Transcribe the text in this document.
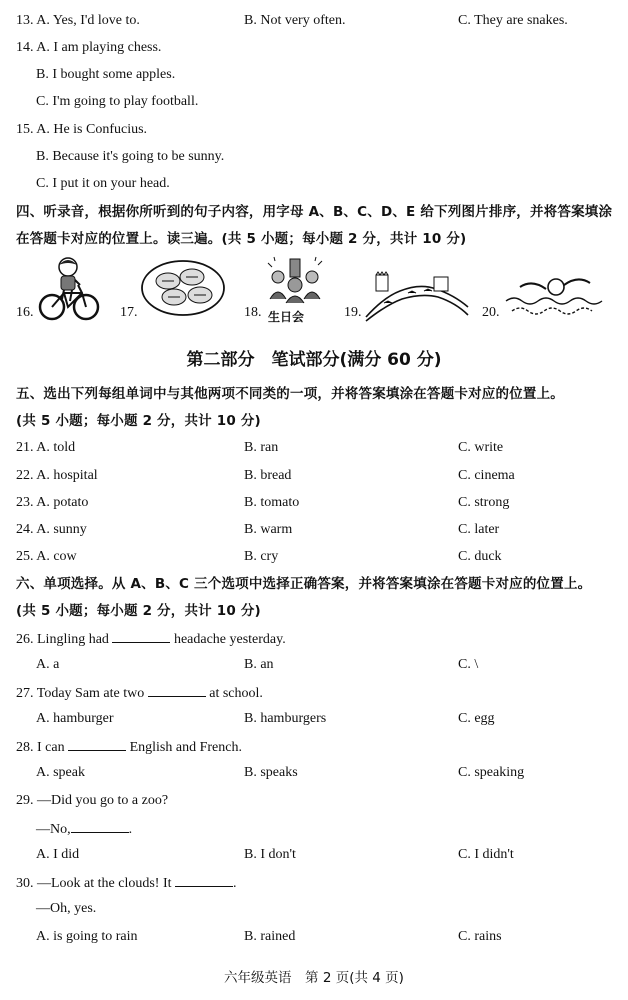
13. A. Yes, I'd love to.	B. Not very often.	C. They are snakes.
14. A. I am playing chess.
B. I bought some apples.
C. I'm going to play football.
15. A. He is Confucius.
B. Because it's going to be sunny.
C. I put it on your head.
四、听录音，根据你所听到的句子内容，用字母 A、B、C、D、E 给下列图片排序，并将答案填涂
在答题卡对应的位置上。读三遍。(共 5 小题；每小题 2 分，共计 10 分)
16.	17.	18. 生日会	19.	20.
第二部分　笔试部分(满分 60 分)
五、选出下列每组单词中与其他两项不同类的一项，并将答案填涂在答题卡对应的位置上。
(共 5 小题；每小题 2 分，共计 10 分)
21. A. told	B. ran	C. write
22. A. hospital	B. bread	C. cinema
23. A. potato	B. tomato	C. strong
24. A. sunny	B. warm	C. later
25. A. cow	B. cry	C. duck
六、单项选择。从 A、B、C 三个选项中选择正确答案，并将答案填涂在答题卡对应的位置上。
(共 5 小题；每小题 2 分，共计 10 分)
26. Lingling had	headache yesterday.
A. a	B. an	C. \
27. Today Sam ate two	at school.
A. hamburger	B. hamburgers	C. egg
28. I can	English and French.
A. speak	B. speaks	C. speaking
29. —Did you go to a zoo?
—No,	.
A. I did	B. I don't	C. I didn't
30. —Look at the clouds! It	.
—Oh, yes.
A. is going to rain	B. rained	C. rains
六年级英语　第 2 页(共 4 页)
